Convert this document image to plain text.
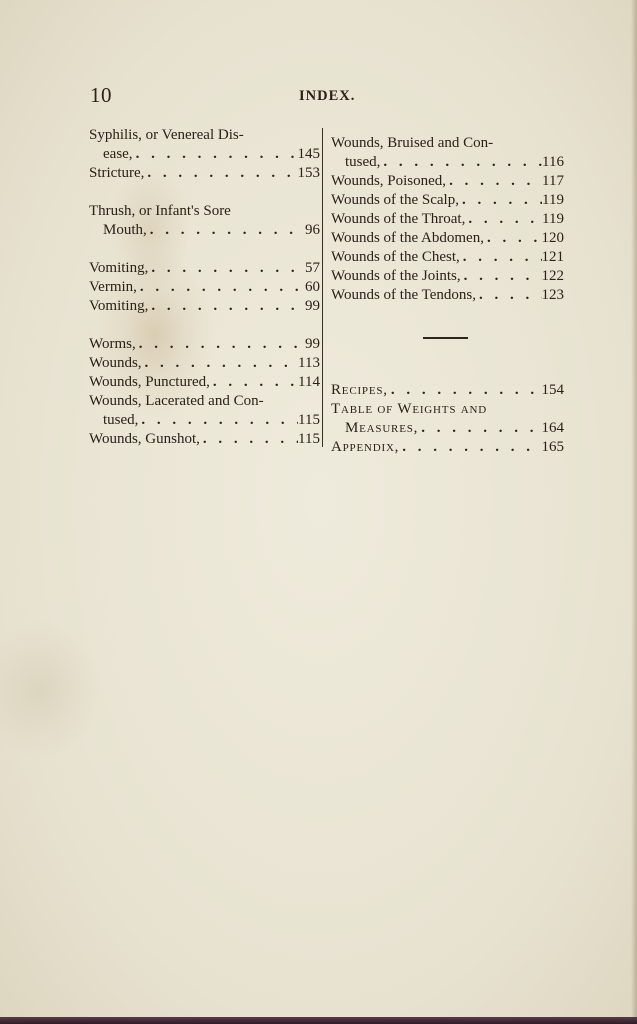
10	INDEX.
Syphilis, or Venereal Dis-
ease, . . .	145
Stricture, . . .	153
Thrush, or Infant's Sore
Mouth, . . .	96
Vomiting, . . .	57
Vermin, . . .	60
Vomiting, . . .	99
Worms, . . .	99
Wounds, . . .	113
Wounds, Punctured, . . .	114
Wounds, Lacerated and Con-
tused, . . .	115
Wounds, Gunshot, . . .	115
Wounds, Bruised and Con-
tused, . . .	116
Wounds, Poisoned, . . .	117
Wounds of the Scalp, . . .	119
Wounds of the Throat, . . .	119
Wounds of the Abdomen, . . .	120
Wounds of the Chest, . . .	121
Wounds of the Joints, . . .	122
Wounds of the Tendons, . . .	123
Recipes, . . .	154
Table of Weights and
Measures, . . .	164
Appendix, . . .	165
